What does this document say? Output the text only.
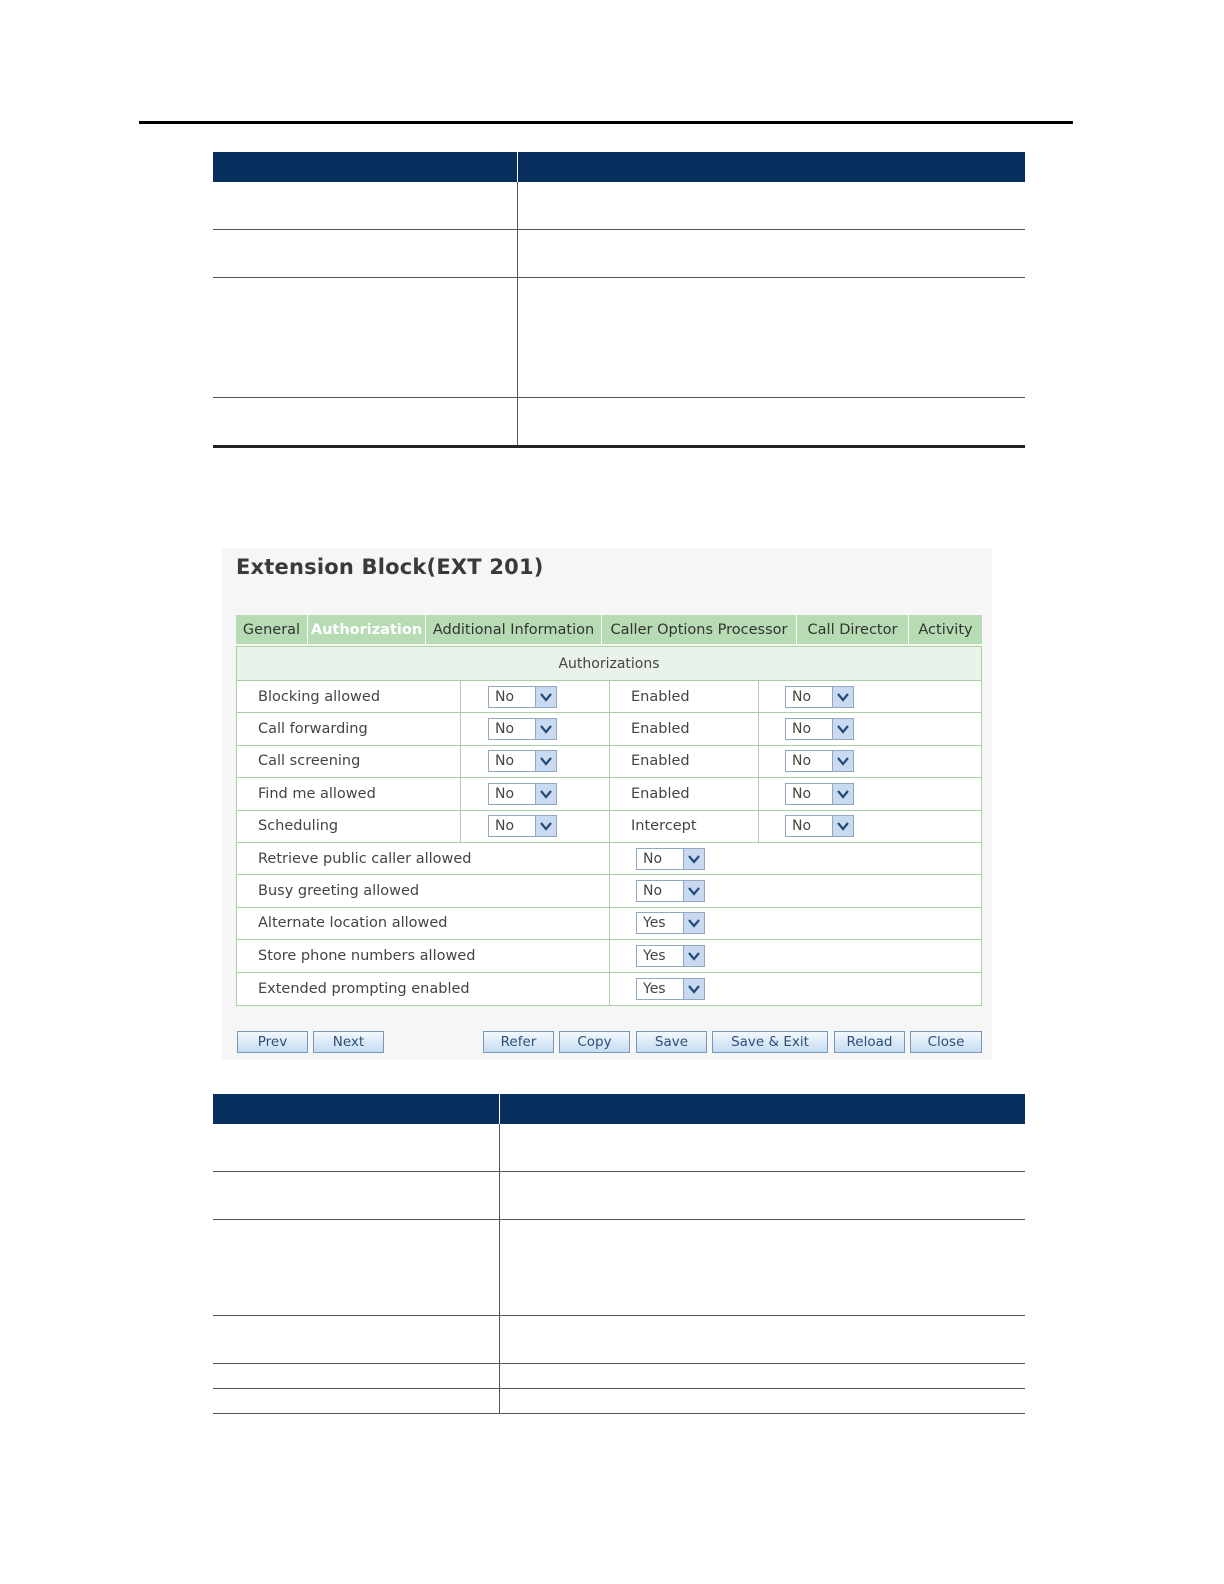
Extension Block(EXT 201)
General Authorization Additional Information	Caller Options Processor	Call Director	Activity
Authorizations
Blocking allowed	No	Enabled	No
Call forwarding	No	Enabled	No
Call screening	No	Enabled	No
Find me allowed	No	Enabled	No
Scheduling	No	Intercept	No
Retrieve public caller allowed	No
Busy greeting allowed	No
Alternate location allowed	Yes
Store phone numbers allowed	Yes
Extended prompting enabled	Yes
Prev	Next	Refer	Copy	Save	Save & Exit	Reload	Close
